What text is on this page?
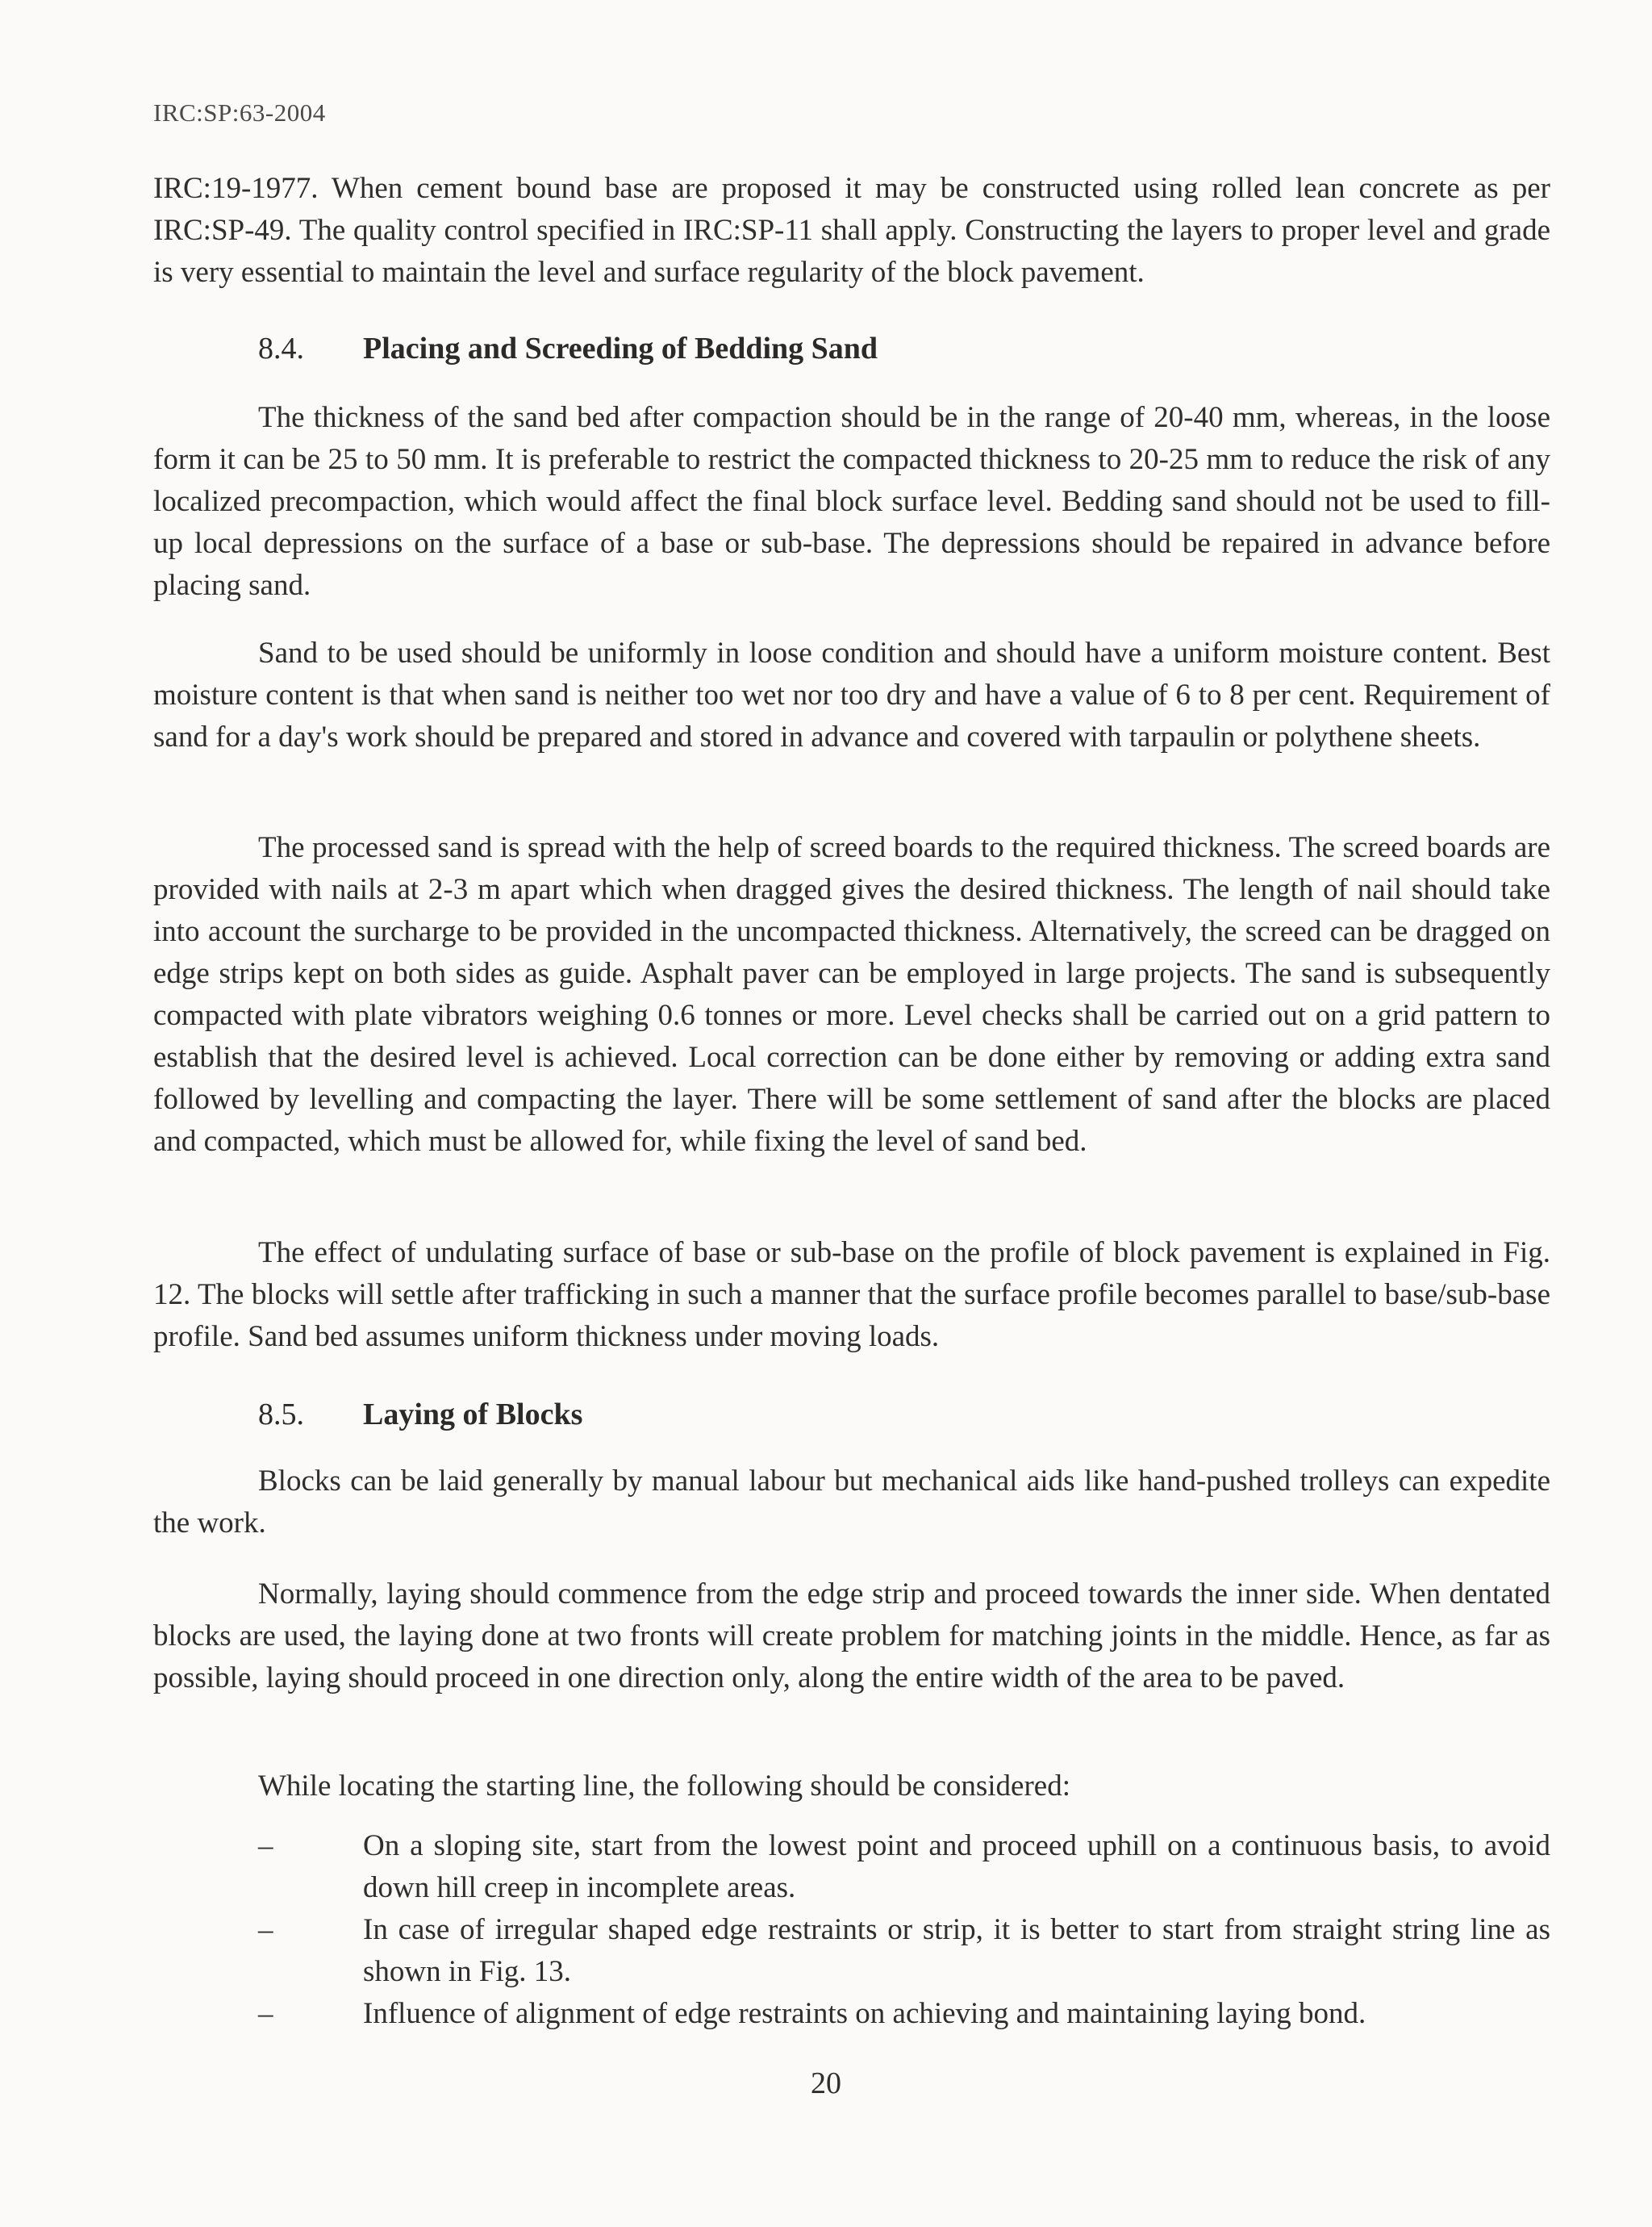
IRC:SP:63-2004
IRC:19-1977. When cement bound base are proposed it may be constructed using rolled lean concrete as per IRC:SP-49. The quality control specified in IRC:SP-11 shall apply. Constructing the layers to proper level and grade is very essential to maintain the level and surface regularity of the block pavement.
8.4. Placing and Screeding of Bedding Sand
The thickness of the sand bed after compaction should be in the range of 20-40 mm, whereas, in the loose form it can be 25 to 50 mm. It is preferable to restrict the compacted thickness to 20-25 mm to reduce the risk of any localized precompaction, which would affect the final block surface level. Bedding sand should not be used to fill-up local depressions on the surface of a base or sub-base. The depressions should be repaired in advance before placing sand.
Sand to be used should be uniformly in loose condition and should have a uniform moisture content. Best moisture content is that when sand is neither too wet nor too dry and have a value of 6 to 8 per cent. Requirement of sand for a day's work should be prepared and stored in advance and covered with tarpaulin or polythene sheets.
The processed sand is spread with the help of screed boards to the required thickness. The screed boards are provided with nails at 2-3 m apart which when dragged gives the desired thickness. The length of nail should take into account the surcharge to be provided in the uncompacted thickness. Alternatively, the screed can be dragged on edge strips kept on both sides as guide. Asphalt paver can be employed in large projects. The sand is subsequently compacted with plate vibrators weighing 0.6 tonnes or more. Level checks shall be carried out on a grid pattern to establish that the desired level is achieved. Local correction can be done either by removing or adding extra sand followed by levelling and compacting the layer. There will be some settlement of sand after the blocks are placed and compacted, which must be allowed for, while fixing the level of sand bed.
The effect of undulating surface of base or sub-base on the profile of block pavement is explained in Fig. 12. The blocks will settle after trafficking in such a manner that the surface profile becomes parallel to base/sub-base profile. Sand bed assumes uniform thickness under moving loads.
8.5. Laying of Blocks
Blocks can be laid generally by manual labour but mechanical aids like hand-pushed trolleys can expedite the work.
Normally, laying should commence from the edge strip and proceed towards the inner side. When dentated blocks are used, the laying done at two fronts will create problem for matching joints in the middle. Hence, as far as possible, laying should proceed in one direction only, along the entire width of the area to be paved.
While locating the starting line, the following should be considered:
–	On a sloping site, start from the lowest point and proceed uphill on a continuous basis, to avoid down hill creep in incomplete areas.
–	In case of irregular shaped edge restraints or strip, it is better to start from straight string line as shown in Fig. 13.
–	Influence of alignment of edge restraints on achieving and maintaining laying bond.
20
